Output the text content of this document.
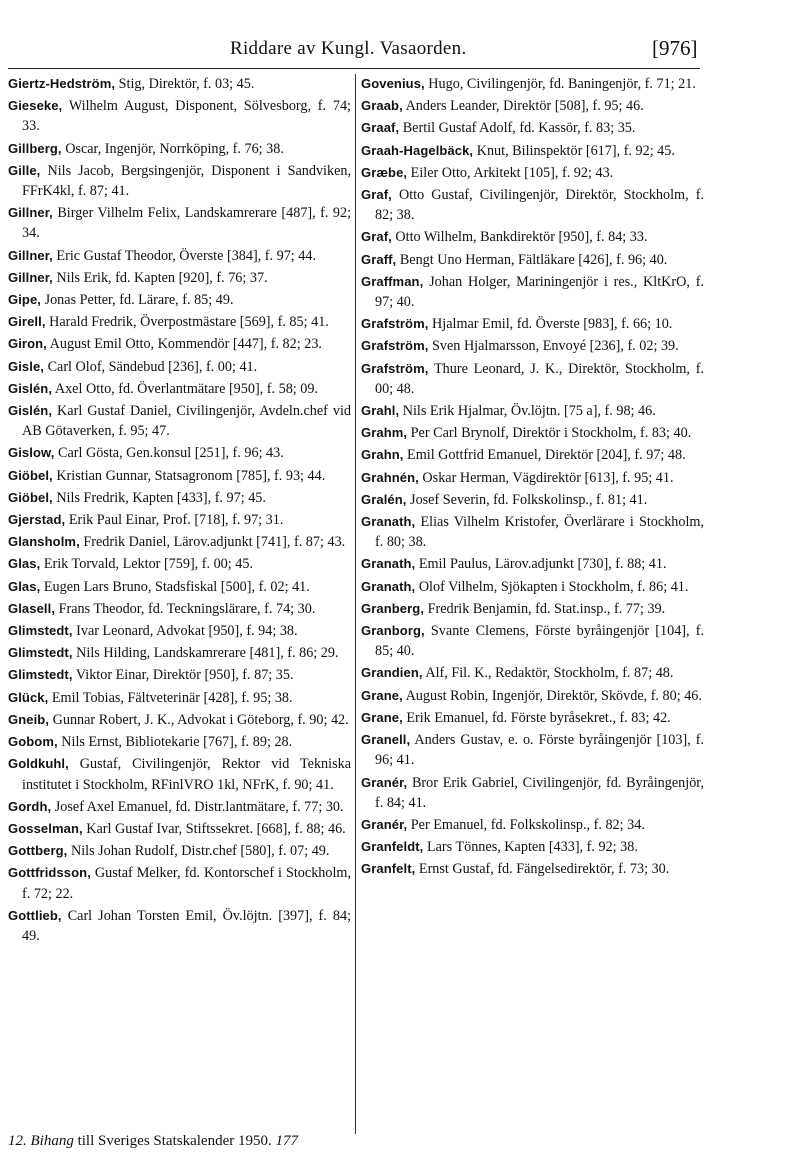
Riddare av Kungl. Vasaorden.	[976]

Giertz-Hedström, Stig, Direktör, f. 03; 45.

Gieseke, Wilhelm August, Disponent, Sölvesborg, f. 74; 33.

Gillberg, Oscar, Ingenjör, Norrköping, f. 76; 38.

Gille, Nils Jacob, Bergsingenjör, Disponent i Sandviken, FFrK4kl, f. 87; 41.

Gillner, Birger Vilhelm Felix, Landskamrerare [487], f. 92; 34.

Gillner, Eric Gustaf Theodor, Överste [384], f. 97; 44.

Gillner, Nils Erik, fd. Kapten [920], f. 76; 37.

Gipe, Jonas Petter, fd. Lärare, f. 85; 49.

Girell, Harald Fredrik, Överpostmästare [569], f. 85; 41.

Giron, August Emil Otto, Kommendör [447], f. 82; 23.

Gisle, Carl Olof, Sändebud [236], f. 00; 41.

Gislén, Axel Otto, fd. Överlantmätare [950], f. 58; 09.

Gislén, Karl Gustaf Daniel, Civilingenjör, Avdeln.chef vid AB Götaverken, f. 95; 47.

Gislow, Carl Gösta, Gen.konsul [251], f. 96; 43.

Giöbel, Kristian Gunnar, Statsagronom [785], f. 93; 44.

Giöbel, Nils Fredrik, Kapten [433], f. 97; 45.

Gjerstad, Erik Paul Einar, Prof. [718], f. 97; 31.

Glansholm, Fredrik Daniel, Lärov.adjunkt [741], f. 87; 43.

Glas, Erik Torvald, Lektor [759], f. 00; 45.

Glas, Eugen Lars Bruno, Stadsfiskal [500], f. 02; 41.

Glasell, Frans Theodor, fd. Teckningslärare, f. 74; 30.

Glimstedt, Ivar Leonard, Advokat [950], f. 94; 38.

Glimstedt, Nils Hilding, Landskamrerare [481], f. 86; 29.

Glimstedt, Viktor Einar, Direktör [950], f. 87; 35.

Glück, Emil Tobias, Fältveterinär [428], f. 95; 38.

Gneib, Gunnar Robert, J. K., Advokat i Göteborg, f. 90; 42.

Gobom, Nils Ernst, Bibliotekarie [767], f. 89; 28.

Goldkuhl, Gustaf, Civilingenjör, Rektor vid Tekniska institutet i Stockholm, RFinlVRO 1kl, NFrK, f. 90; 41.

Gordh, Josef Axel Emanuel, fd. Distr.lantmätare, f. 77; 30.

Gosselman, Karl Gustaf Ivar, Stiftssekret. [668], f. 88; 46.

Gottberg, Nils Johan Rudolf, Distr.chef [580], f. 07; 49.

Gottfridsson, Gustaf Melker, fd. Kontorschef i Stockholm, f. 72; 22.

Gottlieb, Carl Johan Torsten Emil, Öv.löjtn. [397], f. 84; 49.

Govenius, Hugo, Civilingenjör, fd. Baningenjör, f. 71; 21.

Graab, Anders Leander, Direktör [508], f. 95; 46.

Graaf, Bertil Gustaf Adolf, fd. Kassör, f. 83; 35.

Graah-Hagelbäck, Knut, Bilinspektör [617], f. 92; 45.

Græbe, Eiler Otto, Arkitekt [105], f. 92; 43.

Graf, Otto Gustaf, Civilingenjör, Direktör, Stockholm, f. 82; 38.

Graf, Otto Wilhelm, Bankdirektör [950], f. 84; 33.

Graff, Bengt Uno Herman, Fältläkare [426], f. 96; 40.

Graffman, Johan Holger, Mariningenjör i res., KltKrO, f. 97; 40.

Grafström, Hjalmar Emil, fd. Överste [983], f. 66; 10.

Grafström, Sven Hjalmarsson, Envoyé [236], f. 02; 39.

Grafström, Thure Leonard, J. K., Direktör, Stockholm, f. 00; 48.

Grahl, Nils Erik Hjalmar, Öv.löjtn. [75 a], f. 98; 46.

Grahm, Per Carl Brynolf, Direktör i Stockholm, f. 83; 40.

Grahn, Emil Gottfrid Emanuel, Direktör [204], f. 97; 48.

Grahnén, Oskar Herman, Vägdirektör [613], f. 95; 41.

Gralén, Josef Severin, fd. Folkskolinsp., f. 81; 41.

Granath, Elias Vilhelm Kristofer, Överlärare i Stockholm, f. 80; 38.

Granath, Emil Paulus, Lärov.adjunkt [730], f. 88; 41.

Granath, Olof Vilhelm, Sjökapten i Stockholm, f. 86; 41.

Granberg, Fredrik Benjamin, fd. Stat.insp., f. 77; 39.

Granborg, Svante Clemens, Förste byråingenjör [104], f. 85; 40.

Grandien, Alf, Fil. K., Redaktör, Stockholm, f. 87; 48.

Grane, August Robin, Ingenjör, Direktör, Skövde, f. 80; 46.

Grane, Erik Emanuel, fd. Förste byråsekret., f. 83; 42.

Granell, Anders Gustav, e. o. Förste byråingenjör [103], f. 96; 41.

Granér, Bror Erik Gabriel, Civilingenjör, fd. Byråingenjör, f. 84; 41.

Granér, Per Emanuel, fd. Folkskolinsp., f. 82; 34.

Granfeldt, Lars Tönnes, Kapten [433], f. 92; 38.

Granfelt, Ernst Gustaf, fd. Fängelsedirektör, f. 73; 30.

12. Bihang till Sveriges Statskalender 1950. 177
